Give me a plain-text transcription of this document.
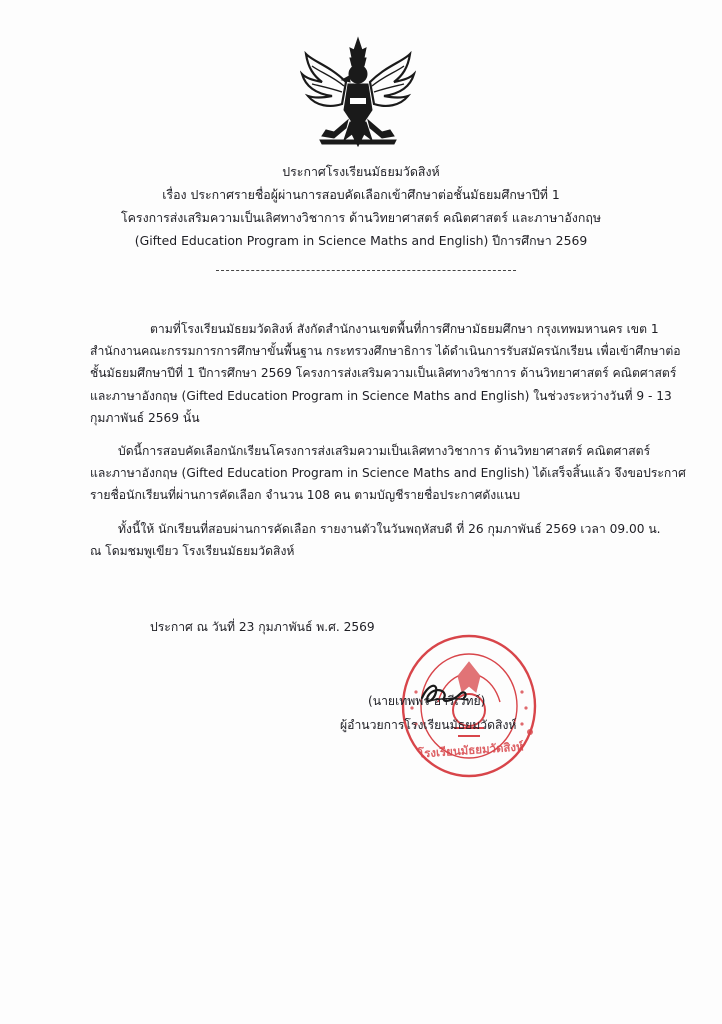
ประกาศโรงเรียนมัธยมวัดสิงห์
เรื่อง ประกาศรายชื่อผู้ผ่านการสอบคัดเลือกเข้าศึกษาต่อชั้นมัธยมศึกษาปีที่ 1
โครงการส่งเสริมความเป็นเลิศทางวิชาการ ด้านวิทยาศาสตร์ คณิตศาสตร์ และภาษาอังกฤษ
(Gifted Education Program in Science Maths and English) ปีการศึกษา 2569
ตามที่โรงเรียนมัธยมวัดสิงห์ สังกัดสำนักงานเขตพื้นที่การศึกษามัธยมศึกษา กรุงเทพมหานคร เขต 1
สำนักงานคณะกรรมการการศึกษาขั้นพื้นฐาน กระทรวงศึกษาธิการ ได้ดำเนินการรับสมัครนักเรียน เพื่อเข้าศึกษาต่อ
ชั้นมัธยมศึกษาปีที่ 1 ปีการศึกษา 2569 โครงการส่งเสริมความเป็นเลิศทางวิชาการ ด้านวิทยาศาสตร์ คณิตศาสตร์
และภาษาอังกฤษ (Gifted Education Program in Science Maths and English) ในช่วงระหว่างวันที่ 9 - 13
กุมภาพันธ์ 2569 นั้น
บัดนี้การสอบคัดเลือกนักเรียนโครงการส่งเสริมความเป็นเลิศทางวิชาการ ด้านวิทยาศาสตร์ คณิตศาสตร์
และภาษาอังกฤษ (Gifted Education Program in Science Maths and English) ได้เสร็จสิ้นแล้ว จึงขอประกาศ
รายชื่อนักเรียนที่ผ่านการคัดเลือก จำนวน 108 คน ตามบัญชีรายชื่อประกาศดังแนบ
ทั้งนี้ให้ นักเรียนที่สอบผ่านการคัดเลือก รายงานตัวในวันพฤหัสบดี ที่ 26 กุมภาพันธ์ 2569 เวลา 09.00 น.
ณ โดมชมพูเขียว โรงเรียนมัธยมวัดสิงห์
ประกาศ ณ วันที่ 23 กุมภาพันธ์ พ.ศ. 2569
โรงเรียนมัธยมวัดสิงห์
(นายเทพพร อารีเวทย์)
ผู้อำนวยการโรงเรียนมัธยมวัดสิงห์
